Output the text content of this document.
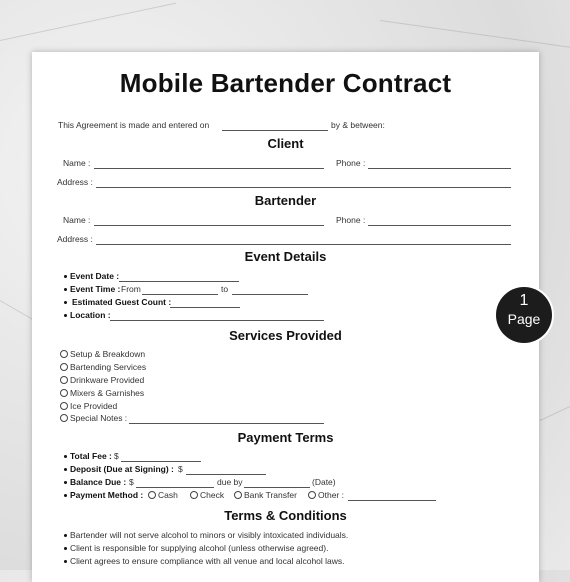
Mobile Bartender Contract
This Agreement is made and entered on	by & between:
Client
Name :	Phone :
Address :
Bartender
Name :	Phone :
Address :
Event Details
Event Date :
Event Time : From	to
Estimated Guest Count :
Location :
Services Provided
Setup & Breakdown
Bartending Services
Drinkware Provided
Mixers & Garnishes
Ice Provided
Special Notes :
Payment Terms
Total Fee : $
Deposit (Due at Signing) : $
Balance Due : $	due by	(Date)
Payment Method :	Cash	Check	Bank Transfer	Other :
Terms & Conditions
Bartender will not serve alcohol to minors or visibly intoxicated individuals.
Client is responsible for supplying alcohol (unless otherwise agreed).
Client agrees to ensure compliance with all venue and local alcohol laws.
1
Page
